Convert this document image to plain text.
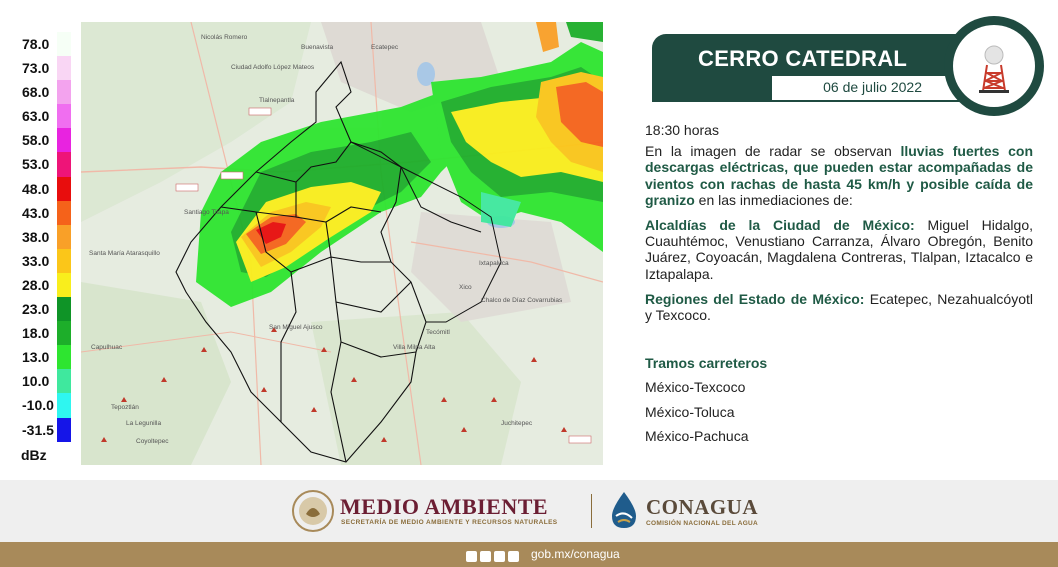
78.0
73.0
68.0
63.0
58.0
53.0
48.0
43.0
38.0
33.0
28.0
23.0
18.0
13.0
10.0
-10.0
-31.5
dBz
Nicolás Romero
Buenavista	Ecatepec
Ciudad Adolfo López Mateos
Tlalnepantla
Ixtapaluca
Xico
Chalco de Díaz Covarrubias
Santiago Tilapa
Santa María Atarasquillo
San Miguel Ajusco
Villa Milpa Alta
Tecómitl
Capulhuac
Tepoztlán
Coyoltepec
Juchitepec
La Legunilla
CERRO CATEDRAL
06 de julio 2022
18:30 horas

En la imagen de radar se observan lluvias fuertes con descargas eléctricas, que pueden estar acompañadas de vientos con rachas de hasta 45 km/h y posible caída de granizo en las inmediaciones de:

Alcaldías de la Ciudad de México: Miguel Hidalgo, Cuauhtémoc, Venustiano Carranza, Álvaro Obregón, Benito Juárez, Coyoacán, Magdalena Contreras, Tlalpan, Iztacalco e Iztapalapa.

Regiones del Estado de México: Ecatepec, Nezahualcóyotl y Texcoco.

Tramos carreteros
México-Texcoco
México-Toluca
México-Pachuca
MEDIO AMBIENTE
SECRETARÍA DE MEDIO AMBIENTE Y RECURSOS NATURALES
CONAGUA
COMISIÓN NACIONAL DEL AGUA
gob.mx/conagua
